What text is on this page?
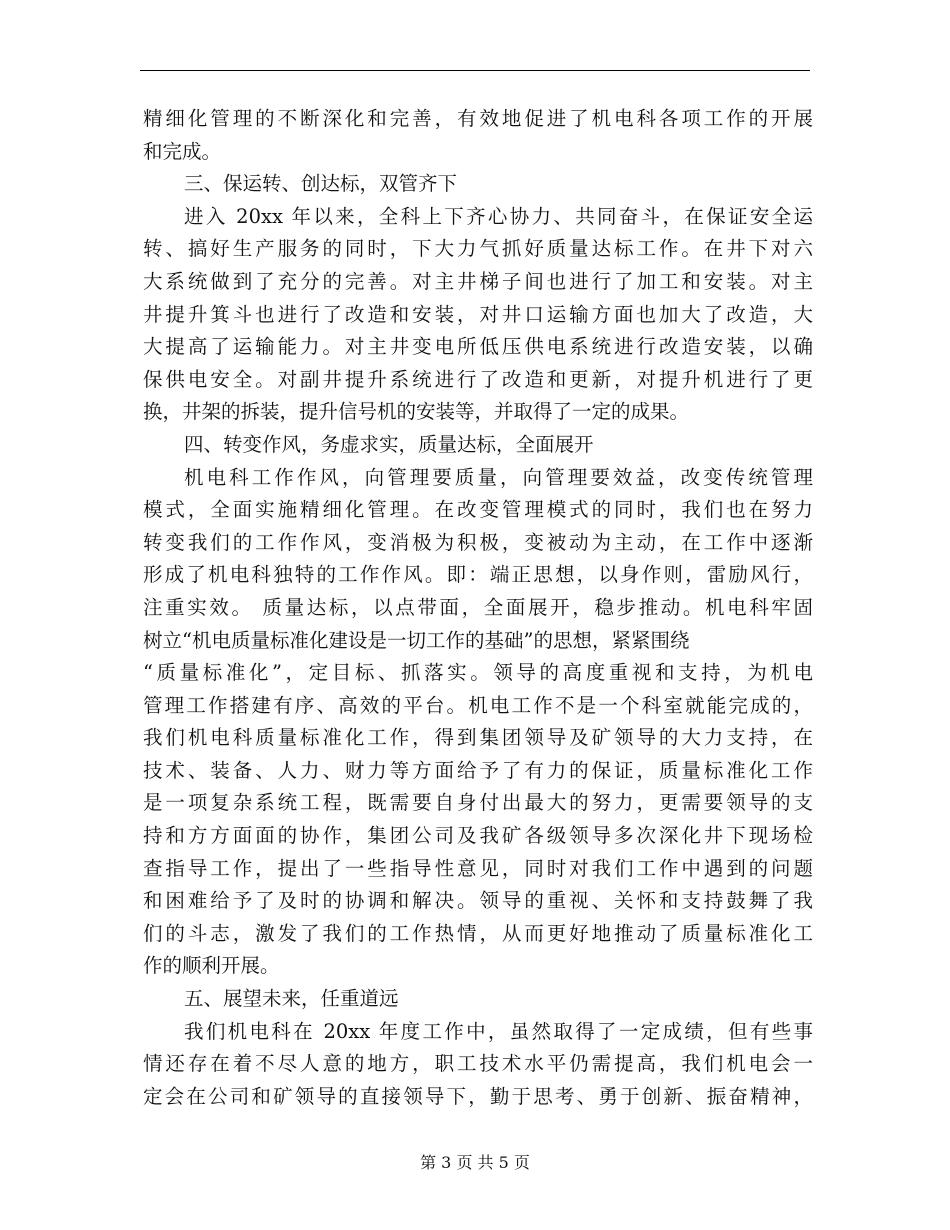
精细化管理的不断深化和完善，有效地促进了机电科各项工作的开展
和完成。
三、保运转、创达标，双管齐下
进入 20xx 年以来，全科上下齐心协力、共同奋斗，在保证安全运
转、搞好生产服务的同时，下大力气抓好质量达标工作。在井下对六
大系统做到了充分的完善。对主井梯子间也进行了加工和安装。对主
井提升箕斗也进行了改造和安装，对井口运输方面也加大了改造，大
大提高了运输能力。对主井变电所低压供电系统进行改造安装，以确
保供电安全。对副井提升系统进行了改造和更新，对提升机进行了更
换，井架的拆装，提升信号机的安装等，并取得了一定的成果。
四、转变作风，务虚求实，质量达标，全面展开
机电科工作作风，向管理要质量，向管理要效益，改变传统管理
模式，全面实施精细化管理。在改变管理模式的同时，我们也在努力
转变我们的工作作风，变消极为积极，变被动为主动，在工作中逐渐
形成了机电科独特的工作作风。即：端正思想，以身作则，雷励风行，
注重实效。 质量达标，以点带面，全面展开，稳步推动。机电科牢固
树立“机电质量标准化建设是一切工作的基础”的思想，紧紧围绕
“质量标准化”，定目标、抓落实。领导的高度重视和支持，为机电
管理工作搭建有序、高效的平台。机电工作不是一个科室就能完成的，
我们机电科质量标准化工作，得到集团领导及矿领导的大力支持，在
技术、装备、人力、财力等方面给予了有力的保证，质量标准化工作
是一项复杂系统工程，既需要自身付出最大的努力，更需要领导的支
持和方方面面的协作，集团公司及我矿各级领导多次深化井下现场检
查指导工作，提出了一些指导性意见，同时对我们工作中遇到的问题
和困难给予了及时的协调和解决。领导的重视、关怀和支持鼓舞了我
们的斗志，激发了我们的工作热情，从而更好地推动了质量标准化工
作的顺利开展。
五、展望未来，任重道远
我们机电科在 20xx 年度工作中，虽然取得了一定成绩，但有些事
情还存在着不尽人意的地方，职工技术水平仍需提高，我们机电会一
定会在公司和矿领导的直接领导下，勤于思考、勇于创新、振奋精神，
第 3 页 共 5 页
